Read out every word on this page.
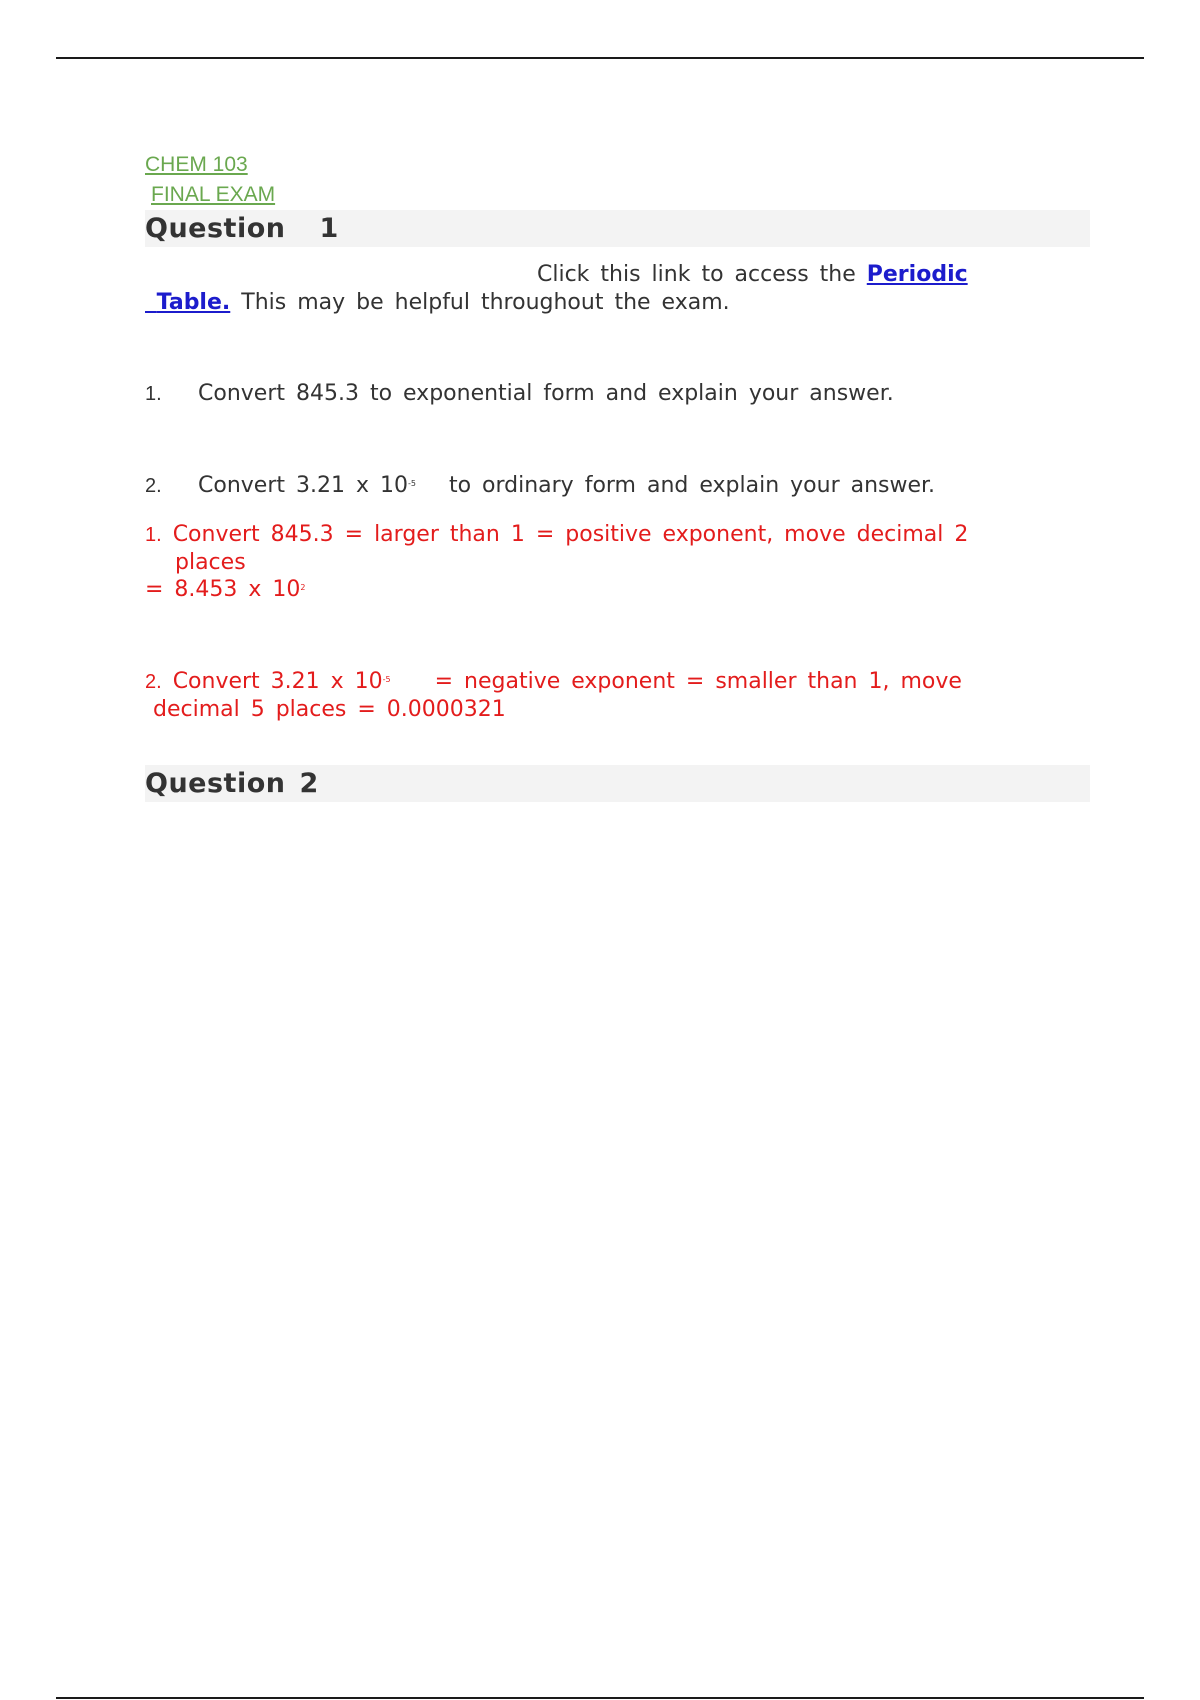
CHEM 103
FINAL EXAM
Question 1
Click this link to access the Periodic
Table. This may be helpful throughout the exam.
1. Convert 845.3 to exponential form and explain your answer.
2. Convert 3.21 x $10^{-5}$ to ordinary form and explain your answer.
1. Convert 845.3 = larger than 1 = positive exponent, move decimal 2
places
= 8.453 x $10^2$
2. Convert 3.21 x $10^{-5}$ = negative exponent = smaller than 1, move
decimal 5 places = 0.0000321
Question 2
